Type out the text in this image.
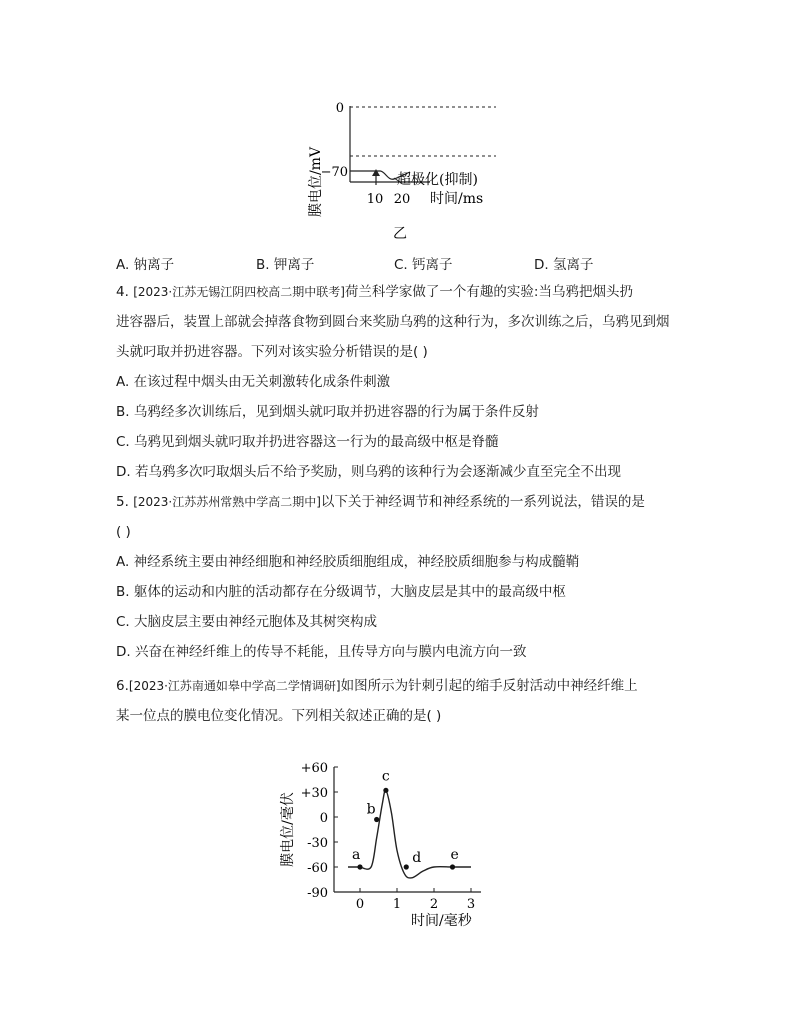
膜电位/mV
0
−70	超极化(抑制)
10 20 时间/ms
乙
A. 钠离子	B. 钾离子	C. 钙离子	D. 氢离子
4. [2023·江苏无锡江阴四校高二期中联考]荷兰科学家做了一个有趣的实验:当乌鸦把烟头扔
进容器后，装置上部就会掉落食物到圆台来奖励乌鸦的这种行为，多次训练之后，乌鸦见到烟
头就叼取并扔进容器。下列对该实验分析错误的是( )
A. 在该过程中烟头由无关刺激转化成条件刺激
B. 乌鸦经多次训练后，见到烟头就叼取并扔进容器的行为属于条件反射
C. 乌鸦见到烟头就叼取并扔进容器这一行为的最高级中枢是脊髓
D. 若乌鸦多次叼取烟头后不给予奖励，则乌鸦的该种行为会逐渐减少直至完全不出现
5. [2023·江苏苏州常熟中学高二期中]以下关于神经调节和神经系统的一系列说法，错误的是
( )
A. 神经系统主要由神经细胞和神经胶质细胞组成，神经胶质细胞参与构成髓鞘
B. 躯体的运动和内脏的活动都存在分级调节，大脑皮层是其中的最高级中枢
C. 大脑皮层主要由神经元胞体及其树突构成
D. 兴奋在神经纤维上的传导不耗能，且传导方向与膜内电流方向一致
6.[2023·江苏南通如皋中学高二学情调研]如图所示为针刺引起的缩手反射活动中神经纤维上
某一位点的膜电位变化情况。下列相关叙述正确的是( )
膜电位/毫伏
+60
+30
0
-30
-60
-90
0 1 2 3
时间/毫秒
a
b
c
d e
